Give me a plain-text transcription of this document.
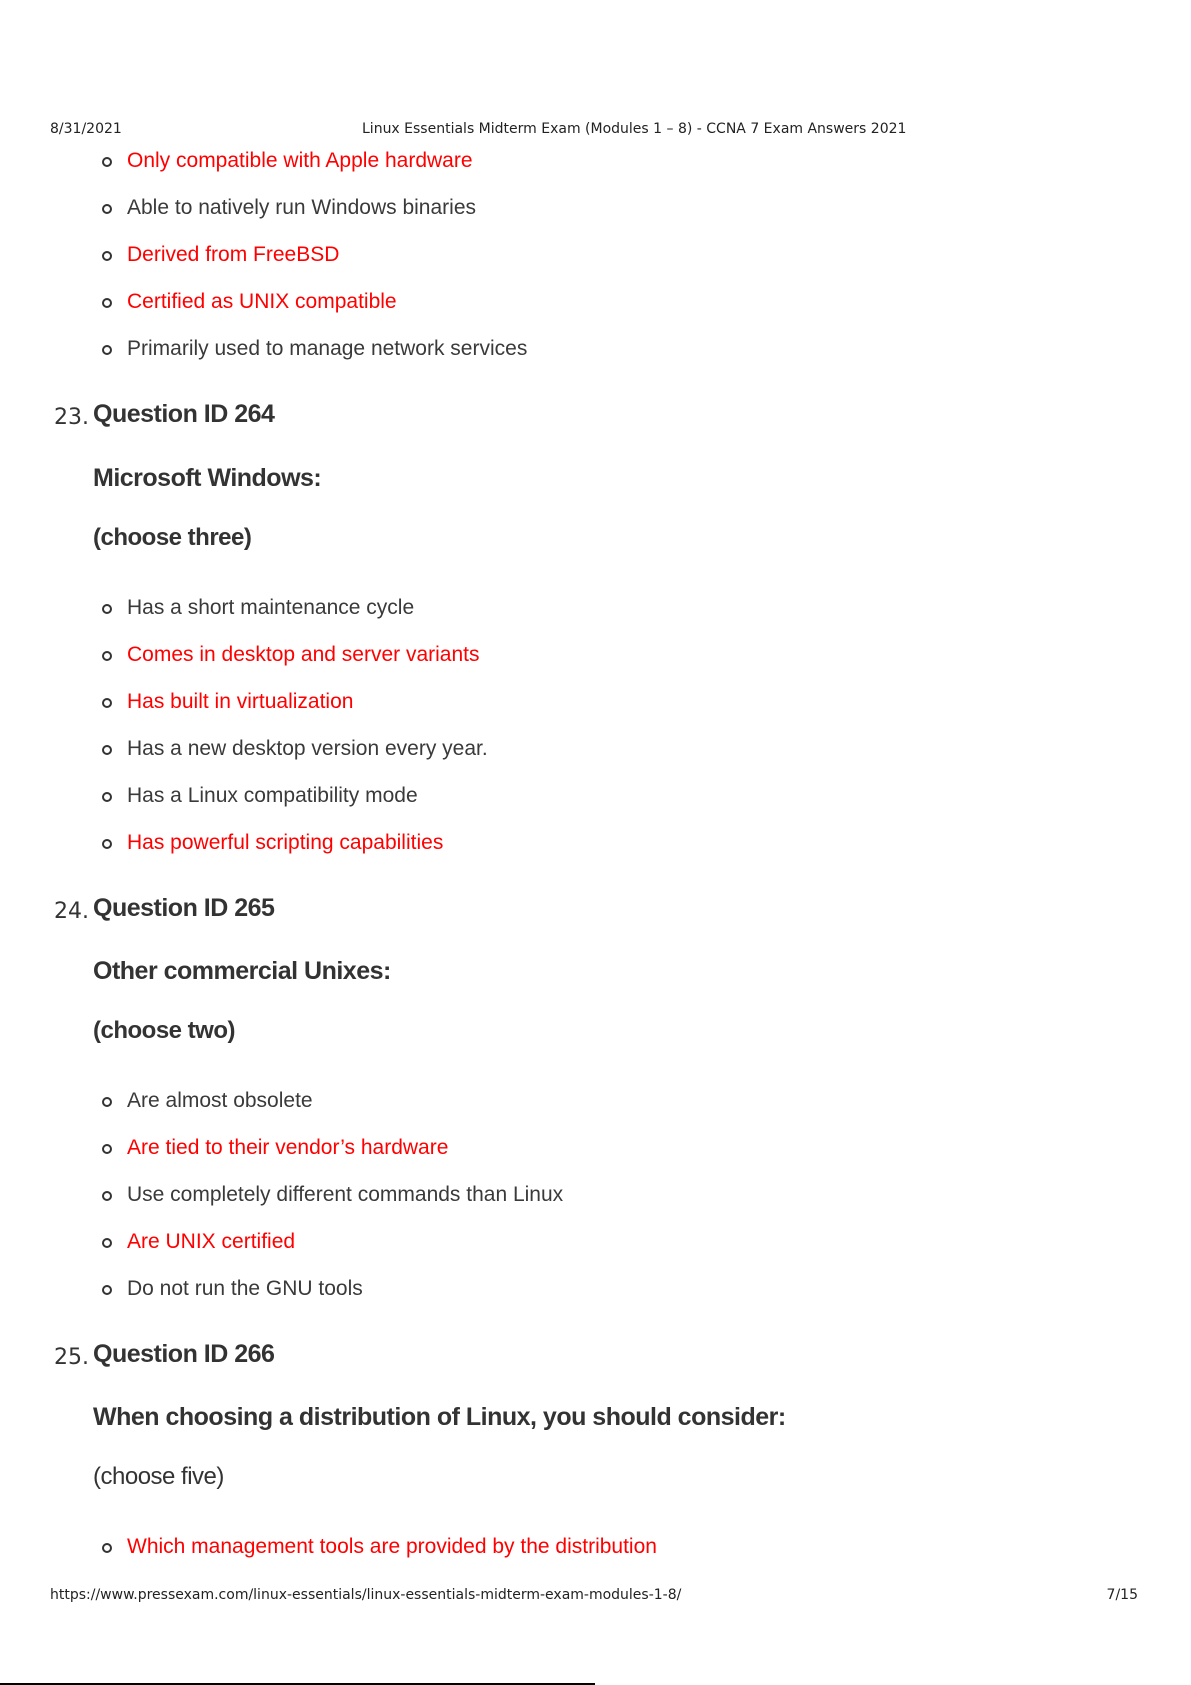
8/31/2021	Linux Essentials Midterm Exam (Modules 1 – 8) - CCNA 7 Exam Answers 2021
Only compatible with Apple hardware
Able to natively run Windows binaries
Derived from FreeBSD
Certified as UNIX compatible
Primarily used to manage network services
23. Question ID 264
Microsoft Windows:
(choose three)
Has a short maintenance cycle
Comes in desktop and server variants
Has built in virtualization
Has a new desktop version every year.
Has a Linux compatibility mode
Has powerful scripting capabilities
24. Question ID 265
Other commercial Unixes:
(choose two)
Are almost obsolete
Are tied to their vendor’s hardware
Use completely different commands than Linux
Are UNIX certified
Do not run the GNU tools
25. Question ID 266
When choosing a distribution of Linux, you should consider:
(choose five)
Which management tools are provided by the distribution
https://www.pressexam.com/linux-essentials/linux-essentials-midterm-exam-modules-1-8/	7/15
